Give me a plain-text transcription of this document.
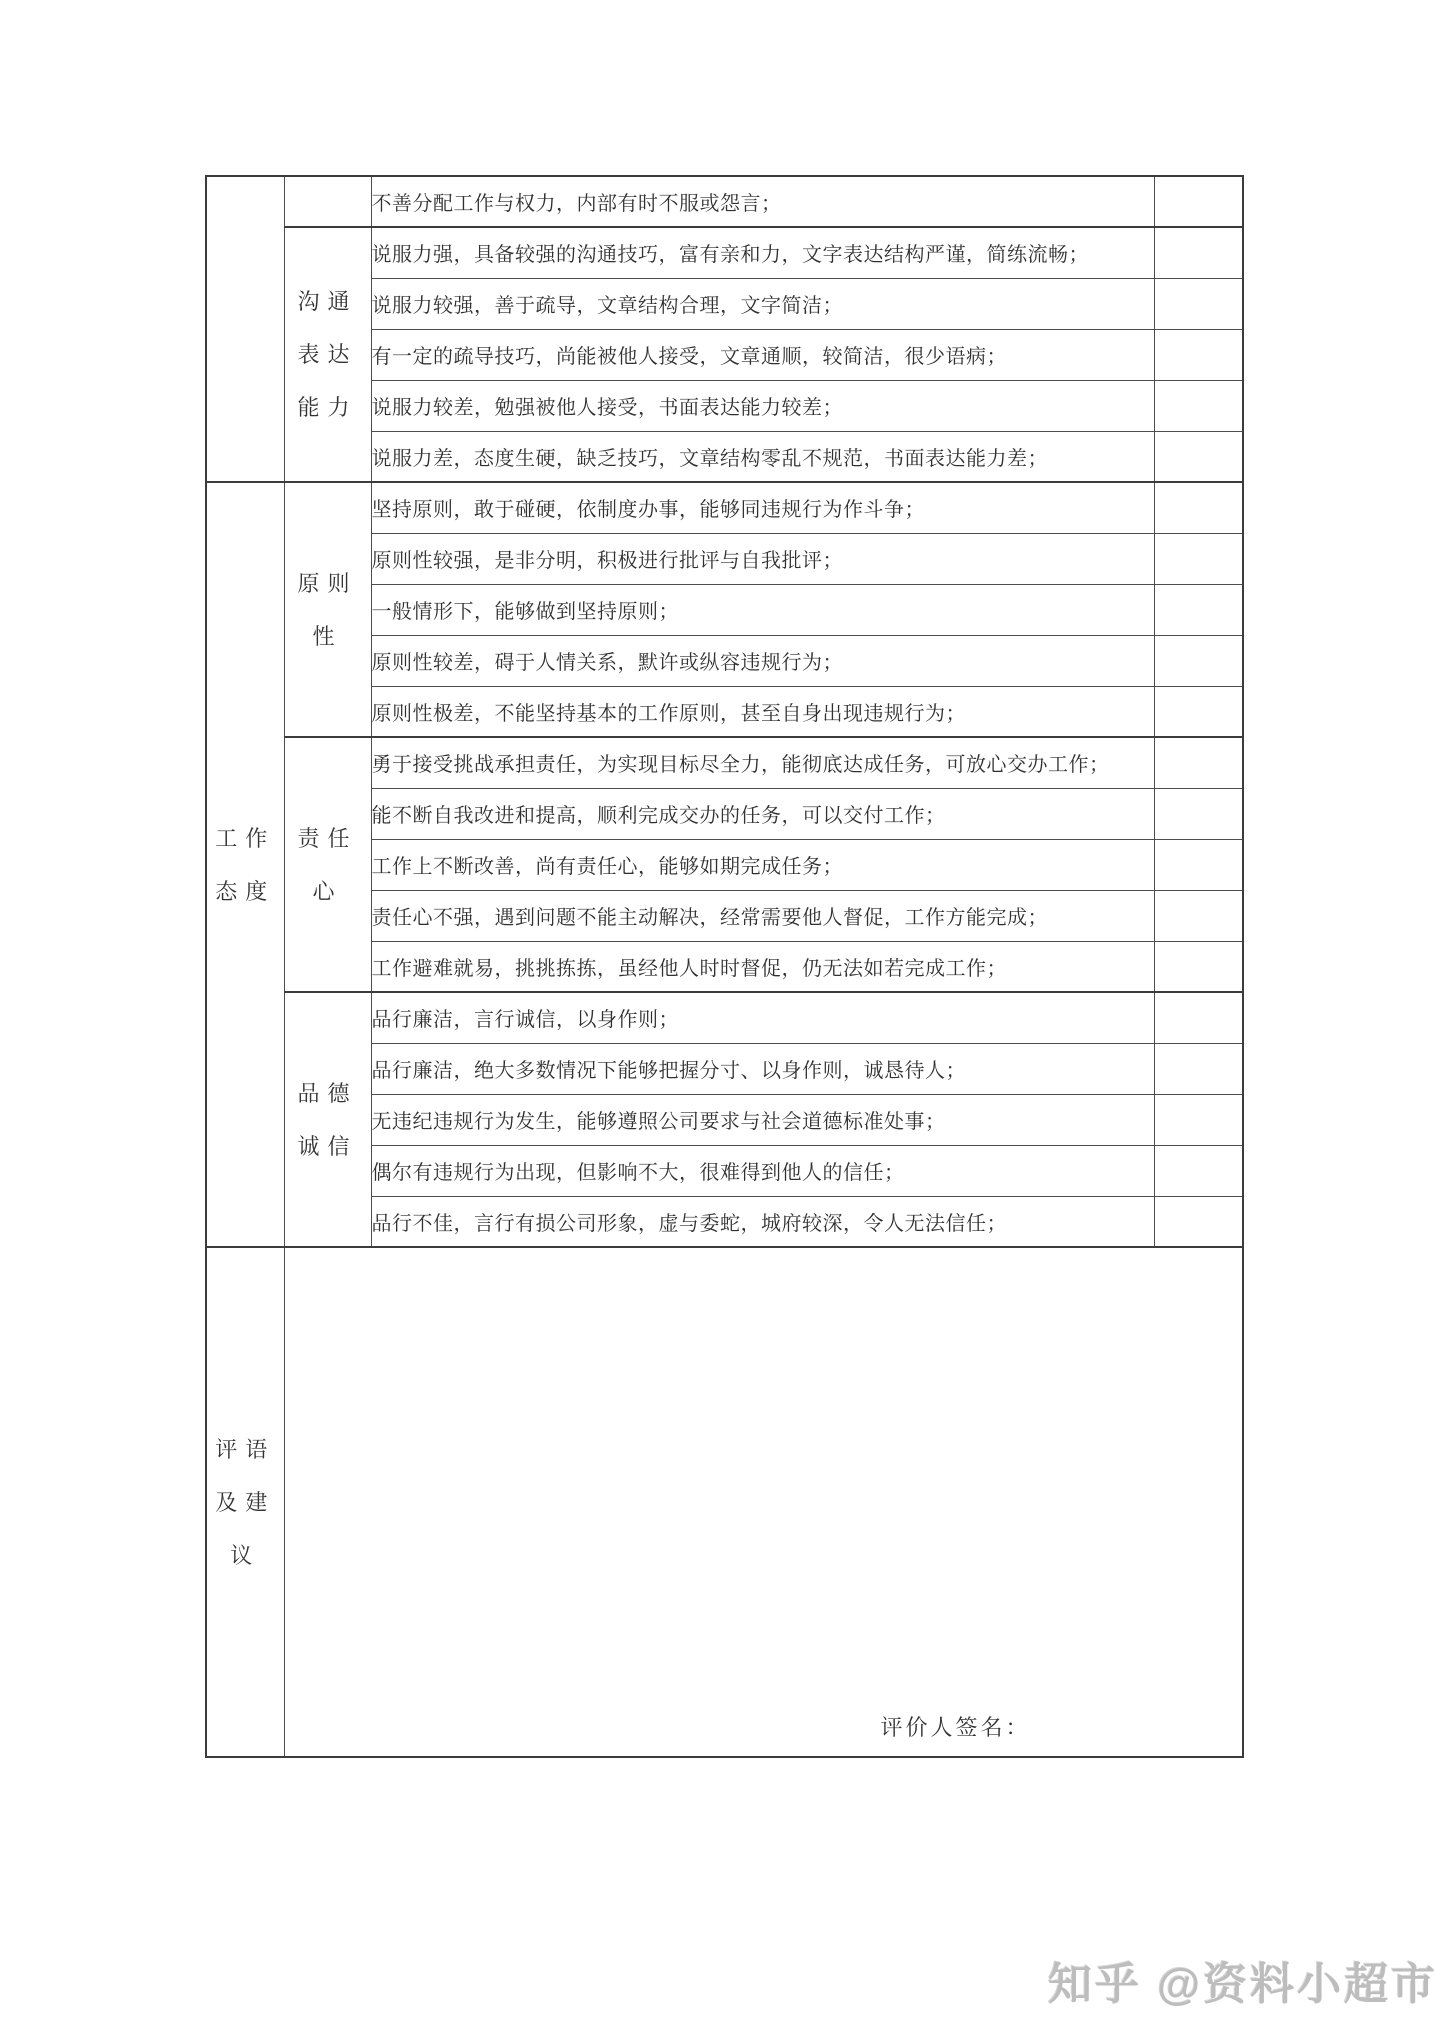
		不善分配工作与权力，内部有时不服或怨言；	
	沟通表达能力	说服力强，具备较强的沟通技巧，富有亲和力，文字表达结构严谨，简练流畅；	
		说服力较强，善于疏导，文章结构合理，文字简洁；	
		有一定的疏导技巧，尚能被他人接受，文章通顺，较简洁，很少语病；	
		说服力较差，勉强被他人接受，书面表达能力较差；	
		说服力差，态度生硬，缺乏技巧，文章结构零乱不规范，书面表达能力差；	
工作态度	原则性	坚持原则，敢于碰硬，依制度办事，能够同违规行为作斗争；	
		原则性较强，是非分明，积极进行批评与自我批评；	
		一般情形下，能够做到坚持原则；	
		原则性较差，碍于人情关系，默许或纵容违规行为；	
		原则性极差，不能坚持基本的工作原则，甚至自身出现违规行为；	
	责任心	勇于接受挑战承担责任，为实现目标尽全力，能彻底达成任务，可放心交办工作；	
		能不断自我改进和提高，顺利完成交办的任务，可以交付工作；	
		工作上不断改善，尚有责任心，能够如期完成任务；	
		责任心不强，遇到问题不能主动解决，经常需要他人督促，工作方能完成；	
		工作避难就易，挑挑拣拣，虽经他人时时督促，仍无法如若完成工作；	
	品德诚信	品行廉洁，言行诚信，以身作则；	
		品行廉洁，绝大多数情况下能够把握分寸、以身作则，诚恳待人；	
		无违纪违规行为发生，能够遵照公司要求与社会道德标准处事；	
		偶尔有违规行为出现，但影响不大，很难得到他人的信任；	
		品行不佳，言行有损公司形象，虚与委蛇，城府较深，令人无法信任；	
评语及建议	评价人签名：		
知乎 @资料小超市
